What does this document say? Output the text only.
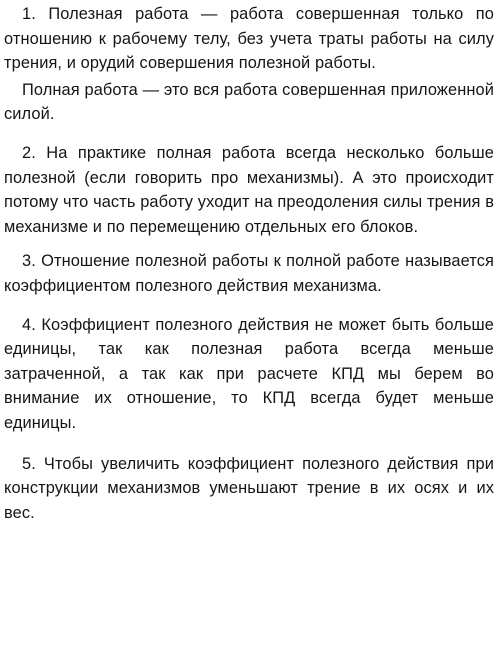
1. Полезная работа — работа совершенная только по отношению к рабочему телу, без учета траты работы на силу трения, и орудий совершения полезной работы.

Полная работа — это вся работа совершенная приложенной силой.

2. На практике полная работа всегда несколько больше полезной (если говорить про механизмы). А это происходит потому что часть работу уходит на преодоления силы трения в механизме и по перемещению отдельных его блоков.

3. Отношение полезной работы к полной работе называется коэффициентом полезного действия механизма.

4. Коэффициент полезного действия не может быть больше единицы, так как полезная работа всегда меньше затраченной, а так как при расчете КПД мы берем во внимание их отношение, то КПД всегда будет меньше единицы.

5. Чтобы увеличить коэффициент полезного действия при конструкции механизмов уменьшают трение в их осях и их вес.
